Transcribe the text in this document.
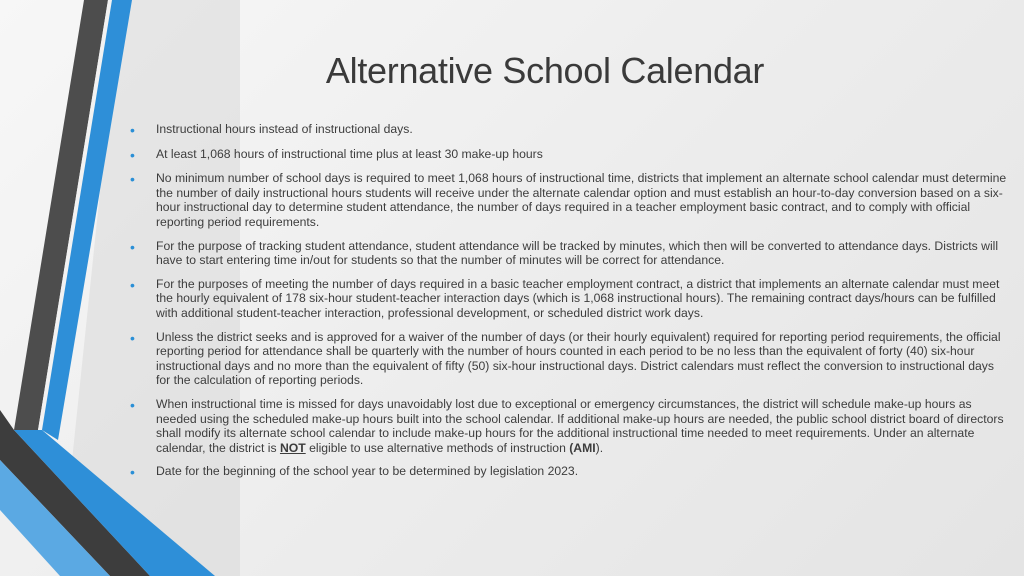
Alternative School Calendar
• Instructional hours instead of instructional days.
• At least 1,068 hours of instructional time plus at least 30 make-up hours
• No minimum number of school days is required to meet 1,068 hours of instructional time, districts that implement an alternate school calendar must determine the number of daily instructional hours students will receive under the alternate calendar option and must establish an hour-to-day conversion based on a six-hour instructional day to determine student attendance, the number of days required in a teacher employment basic contract, and to comply with official reporting period requirements.
• For the purpose of tracking student attendance, student attendance will be tracked by minutes, which then will be converted to attendance days. Districts will have to start entering time in/out for students so that the number of minutes will be correct for attendance.
• For the purposes of meeting the number of days required in a basic teacher employment contract, a district that implements an alternate calendar must meet the hourly equivalent of 178 six-hour student-teacher interaction days (which is 1,068 instructional hours). The remaining contract days/hours can be fulfilled with additional student-teacher interaction, professional development, or scheduled district work days.
• Unless the district seeks and is approved for a waiver of the number of days (or their hourly equivalent) required for reporting period requirements, the official reporting period for attendance shall be quarterly with the number of hours counted in each period to be no less than the equivalent of forty (40) six-hour instructional days and no more than the equivalent of fifty (50) six-hour instructional days. District calendars must reflect the conversion to instructional days for the calculation of reporting periods.
• When instructional time is missed for days unavoidably lost due to exceptional or emergency circumstances, the district will schedule make-up hours as needed using the scheduled make-up hours built into the school calendar. If additional make-up hours are needed, the public school district board of directors shall modify its alternate school calendar to include make-up hours for the additional instructional time needed to meet requirements. Under an alternate calendar, the district is NOT eligible to use alternative methods of instruction (AMI).
• Date for the beginning of the school year to be determined by legislation 2023.
